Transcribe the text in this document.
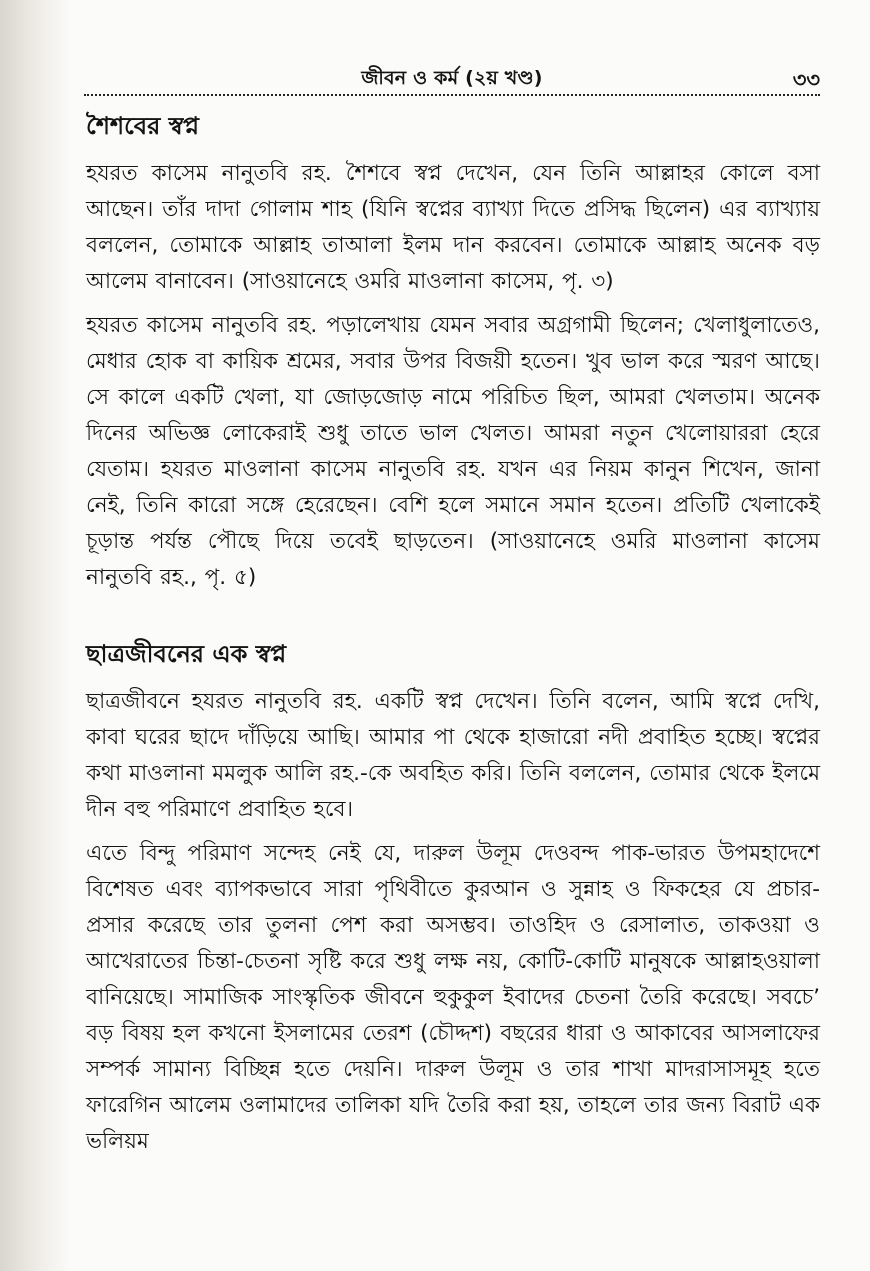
জীবন ও কর্ম (২য় খণ্ড)	৩৩
শৈশবের স্বপ্ন

হযরত কাসেম নানুতবি রহ. শৈশবে স্বপ্ন দেখেন, যেন তিনি আল্লাহর কোলে বসা আছেন। তাঁর দাদা গোলাম শাহ (যিনি স্বপ্নের ব্যাখ্যা দিতে প্রসিদ্ধ ছিলেন) এর ব্যাখ্যায় বললেন, তোমাকে আল্লাহ তাআলা ইলম দান করবেন। তোমাকে আল্লাহ অনেক বড় আলেম বানাবেন। (সাওয়ানেহে ওমরি মাওলানা কাসেম, পৃ. ৩)

হযরত কাসেম নানুতবি রহ. পড়ালেখায় যেমন সবার অগ্রগামী ছিলেন; খেলাধুলাতেও, মেধার হোক বা কায়িক শ্রমের, সবার উপর বিজয়ী হতেন। খুব ভাল করে স্মরণ আছে। সে কালে একটি খেলা, যা জোড়জোড় নামে পরিচিত ছিল, আমরা খেলতাম। অনেক দিনের অভিজ্ঞ লোকেরাই শুধু তাতে ভাল খেলত। আমরা নতুন খেলোয়াররা হেরে যেতাম। হযরত মাওলানা কাসেম নানুতবি রহ. যখন এর নিয়ম কানুন শিখেন, জানা নেই, তিনি কারো সঙ্গে হেরেছেন। বেশি হলে সমানে সমান হতেন। প্রতিটি খেলাকেই চূড়ান্ত পর্যন্ত পৌছে দিয়ে তবেই ছাড়তেন। (সাওয়ানেহে ওমরি মাওলানা কাসেম নানুতবি রহ., পৃ. ৫)

ছাত্রজীবনের এক স্বপ্ন

ছাত্রজীবনে হযরত নানুতবি রহ. একটি স্বপ্ন দেখেন। তিনি বলেন, আমি স্বপ্নে দেখি, কাবা ঘরের ছাদে দাঁড়িয়ে আছি। আমার পা থেকে হাজারো নদী প্রবাহিত হচ্ছে। স্বপ্নের কথা মাওলানা মমলুক আলি রহ.-কে অবহিত করি। তিনি বললেন, তোমার থেকে ইলমে দীন বহু পরিমাণে প্রবাহিত হবে।

এতে বিন্দু পরিমাণ সন্দেহ নেই যে, দারুল উলূম দেওবন্দ পাক-ভারত উপমহাদেশে বিশেষত এবং ব্যাপকভাবে সারা পৃথিবীতে কুরআন ও সুন্নাহ ও ফিকহের যে প্রচার-প্রসার করেছে তার তুলনা পেশ করা অসম্ভব। তাওহিদ ও রেসালাত, তাকওয়া ও আখেরাতের চিন্তা-চেতনা সৃষ্টি করে শুধু লক্ষ নয়, কোটি-কোটি মানুষকে আল্লাহওয়ালা বানিয়েছে। সামাজিক সাংস্কৃতিক জীবনে হুকুকুল ইবাদের চেতনা তৈরি করেছে। সবচে’ বড় বিষয় হল কখনো ইসলামের তেরশ (চৌদ্দশ) বছরের ধারা ও আকাবের আসলাফের সম্পর্ক সামান্য বিচ্ছিন্ন হতে দেয়নি। দারুল উলূম ও তার শাখা মাদরাসাসমূহ হতে ফারেগিন আলেম ওলামাদের তালিকা যদি তৈরি করা হয়, তাহলে তার জন্য বিরাট এক ভলিয়ম
